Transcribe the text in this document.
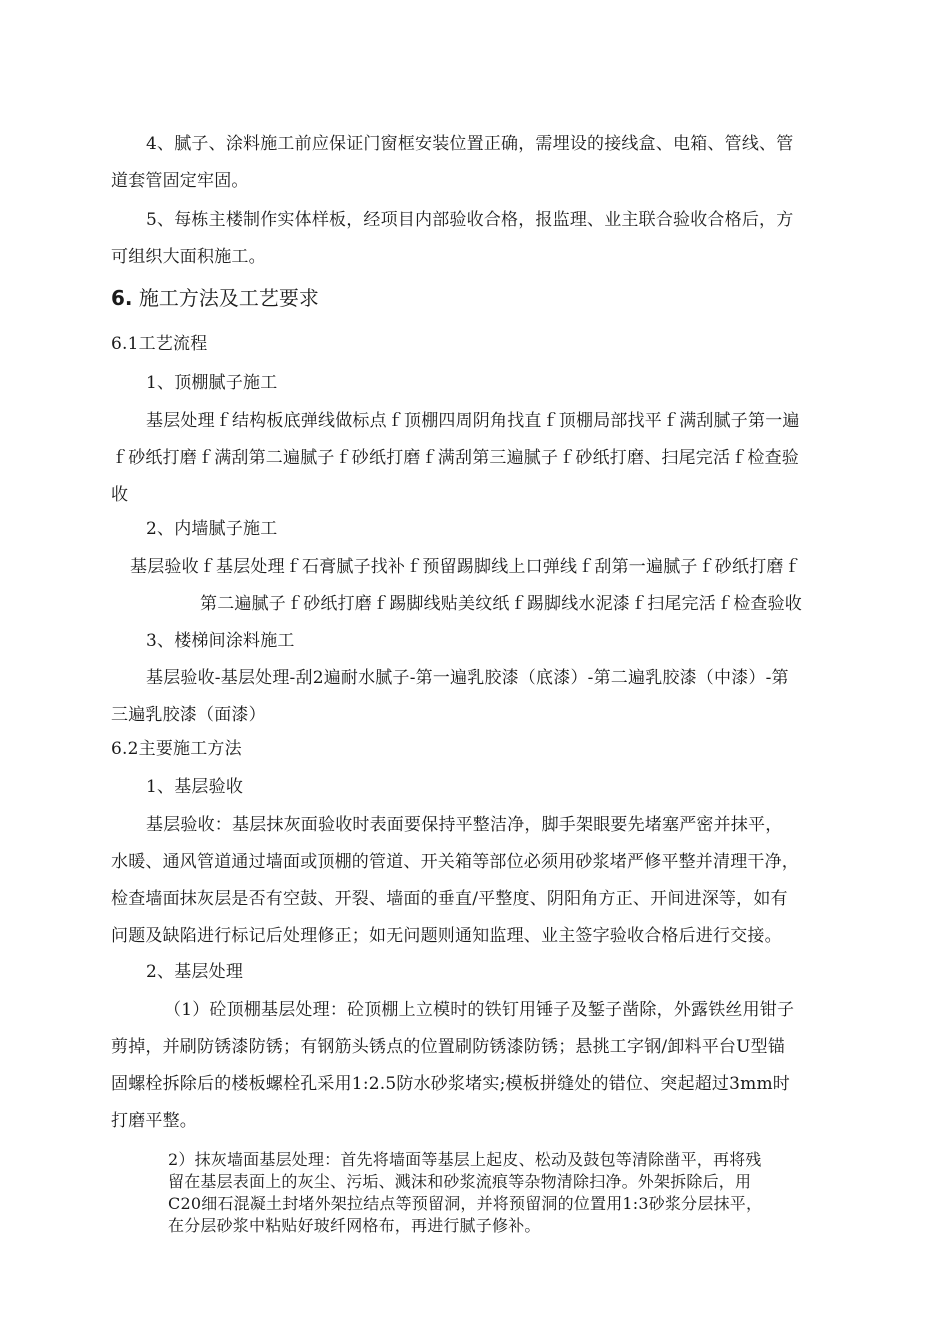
4、腻子、涂料施工前应保证门窗框安装位置正确，需埋设的接线盒、电箱、管线、管
道套管固定牢固。
5、每栋主楼制作实体样板，经项目内部验收合格，报监理、业主联合验收合格后，方
可组织大面积施工。
6. 施工方法及工艺要求
6.1工艺流程
1、顶棚腻子施工
基层处理ｆ结构板底弹线做标点ｆ顶棚四周阴角找直ｆ顶棚局部找平ｆ满刮腻子第一遍
ｆ砂纸打磨ｆ满刮第二遍腻子ｆ砂纸打磨ｆ满刮第三遍腻子ｆ砂纸打磨、扫尾完活ｆ检查验
收
2、内墙腻子施工
基层验收ｆ基层处理ｆ石膏腻子找补ｆ预留踢脚线上口弹线ｆ刮第一遍腻子ｆ砂纸打磨ｆ
第二遍腻子ｆ砂纸打磨ｆ踢脚线贴美纹纸ｆ踢脚线水泥漆ｆ扫尾完活ｆ检查验收
3、楼梯间涂料施工
基层验收-基层处理-刮2遍耐水腻子-第一遍乳胶漆（底漆）-第二遍乳胶漆（中漆）-第
三遍乳胶漆（面漆）
6.2主要施工方法
1、基层验收
基层验收：基层抹灰面验收时表面要保持平整洁净，脚手架眼要先堵塞严密并抹平，
水暖、通风管道通过墙面或顶棚的管道、开关箱等部位必须用砂浆堵严修平整并清理干净，
检查墙面抹灰层是否有空鼓、开裂、墙面的垂直/平整度、阴阳角方正、开间进深等，如有
问题及缺陷进行标记后处理修正；如无问题则通知监理、业主签字验收合格后进行交接。
2、基层处理
（1）砼顶棚基层处理：砼顶棚上立模时的铁钉用锤子及錾子凿除，外露铁丝用钳子
剪掉，并刷防锈漆防锈；有钢筋头锈点的位置刷防锈漆防锈；悬挑工字钢/卸料平台U型锚
固螺栓拆除后的楼板螺栓孔采用1:2.5防水砂浆堵实;模板拼缝处的错位、突起超过3mm时
打磨平整。
2）抹灰墙面基层处理：首先将墙面等基层上起皮、松动及鼓包等清除凿平，再将残
留在基层表面上的灰尘、污垢、溅沫和砂浆流痕等杂物清除扫净。外架拆除后，用
C20细石混凝土封堵外架拉结点等预留洞，并将预留洞的位置用1:3砂浆分层抹平，
在分层砂浆中粘贴好玻纤网格布，再进行腻子修补。
